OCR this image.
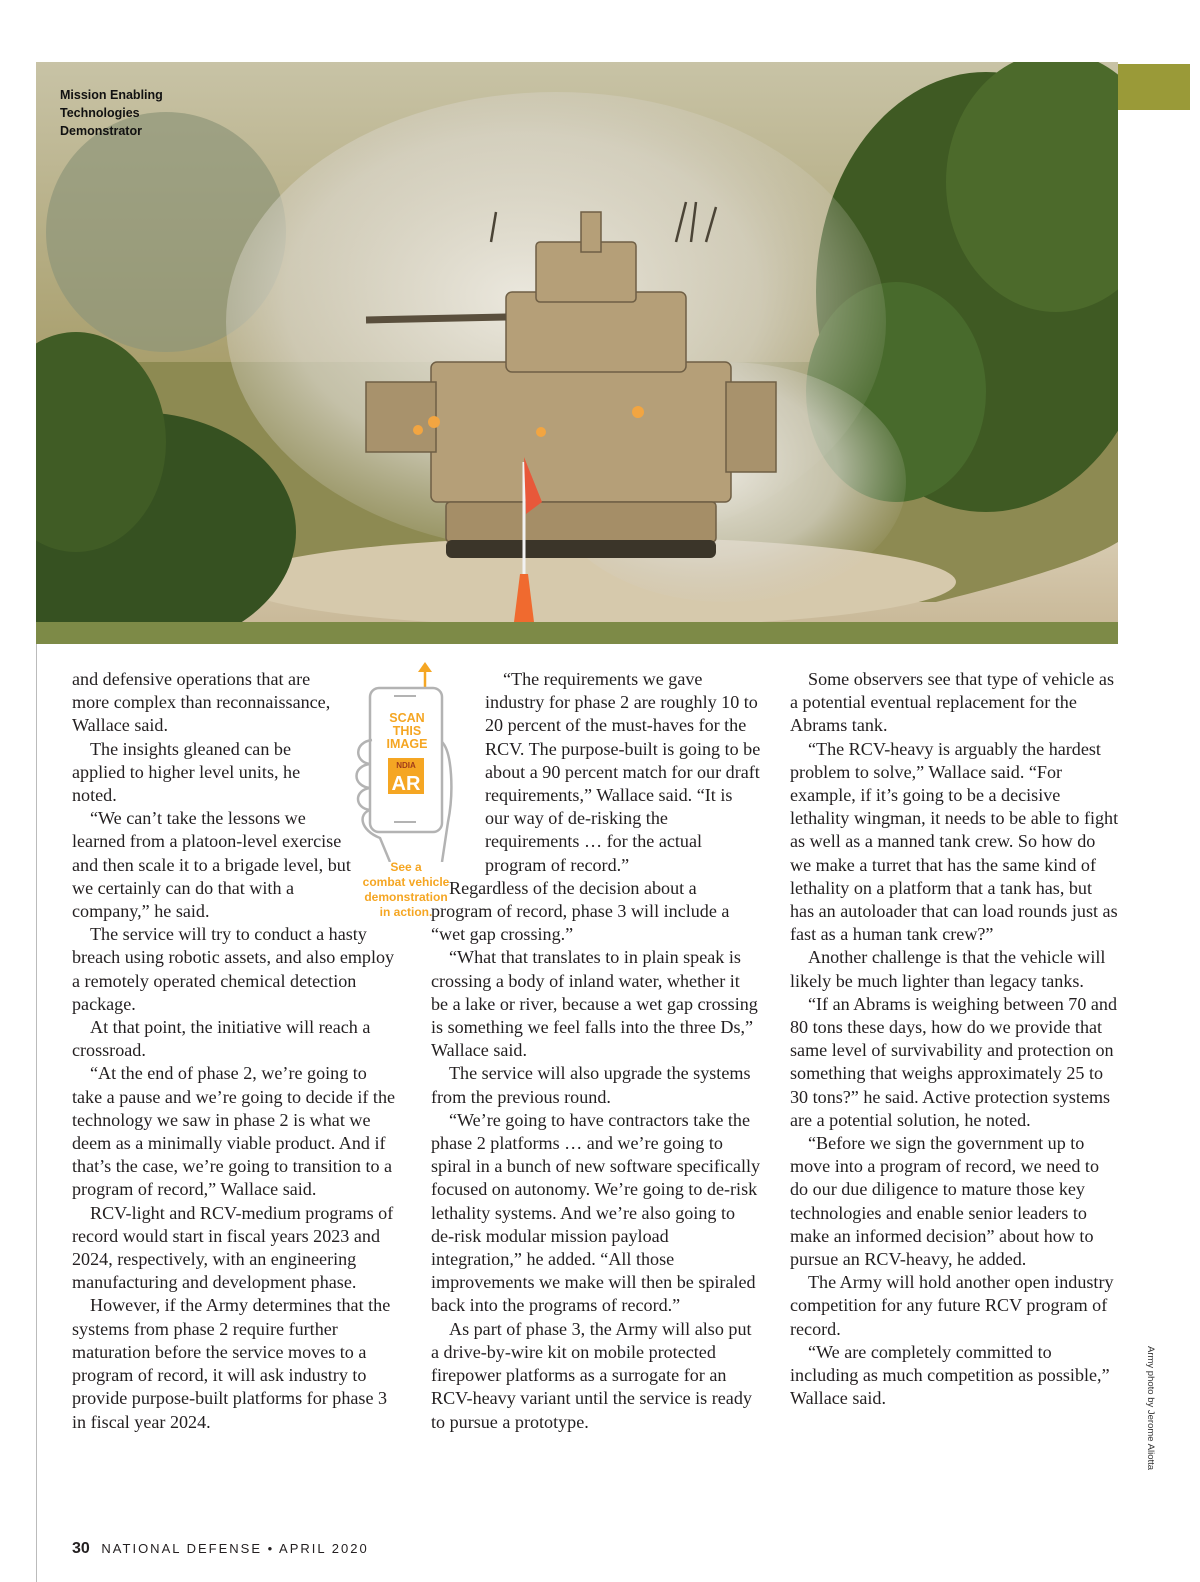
Mission Enabling
Technologies
Demonstrator
Army photo by Jerome Aliotta
NDIA
AR
SCAN
THIS
IMAGE
See a
combat vehicle
demonstration
in action.

and defensive operations that are more complex than reconnaissance, Wallace said.

The insights gleaned can be applied to higher level units, he noted.

“We can’t take the lessons we learned from a platoon-level exercise and then scale it to a brigade level, but we certainly can do that with a company,” he said.

The service will try to conduct a hasty breach using robotic assets, and also employ a remotely operated chemical detection package.

At that point, the initiative will reach a crossroad.

“At the end of phase 2, we’re going to take a pause and we’re going to decide if the technology we saw in phase 2 is what we deem as a minimally viable product. And if that’s the case, we’re going to transition to a program of record,” Wallace said.

RCV-light and RCV-medium programs of record would start in fiscal years 2023 and 2024, respectively, with an engineering manufacturing and development phase.

However, if the Army determines that the systems from phase 2 require further maturation before the service moves to a program of record, it will ask industry to provide purpose-built platforms for phase 3 in fiscal year 2024.

“The requirements we gave industry for phase 2 are roughly 10 to 20 percent of the must-haves for the RCV. The purpose-built is going to be about a 90 percent match for our draft requirements,” Wallace said. “It is our way of de-risking the requirements … for the actual program of record.”

Regardless of the decision about a program of record, phase 3 will include a “wet gap crossing.”

“What that translates to in plain speak is crossing a body of inland water, whether it be a lake or river, because a wet gap crossing is something we feel falls into the three Ds,” Wallace said.

The service will also upgrade the systems from the previous round.

“We’re going to have contractors take the phase 2 platforms … and we’re going to spiral in a bunch of new software specifically focused on autonomy. We’re going to de-risk lethality systems. And we’re also going to de-risk modular mission payload integration,” he added. “All those improvements we make will then be spiraled back into the programs of record.”

As part of phase 3, the Army will also put a drive-by-wire kit on mobile protected firepower platforms as a surrogate for an RCV-heavy variant until the service is ready to pursue a prototype.

Some observers see that type of vehicle as a potential eventual replacement for the Abrams tank.

“The RCV-heavy is arguably the hardest problem to solve,” Wallace said. “For example, if it’s going to be a decisive lethality wingman, it needs to be able to fight as well as a manned tank crew. So how do we make a turret that has the same kind of lethality on a platform that a tank has, but has an autoloader that can load rounds just as fast as a human tank crew?”

Another challenge is that the vehicle will likely be much lighter than legacy tanks.

“If an Abrams is weighing between 70 and 80 tons these days, how do we provide that same level of survivability and protection on something that weighs approximately 25 to 30 tons?” he said. Active protection systems are a potential solution, he noted.

“Before we sign the government up to move into a program of record, we need to do our due diligence to mature those key technologies and enable senior leaders to make an informed decision” about how to pursue an RCV-heavy, he added.

The Army will hold another open industry competition for any future RCV program of record.

“We are completely committed to including as much competition as possible,” Wallace said.

30 NATIONAL DEFENSE • APRIL 2020
